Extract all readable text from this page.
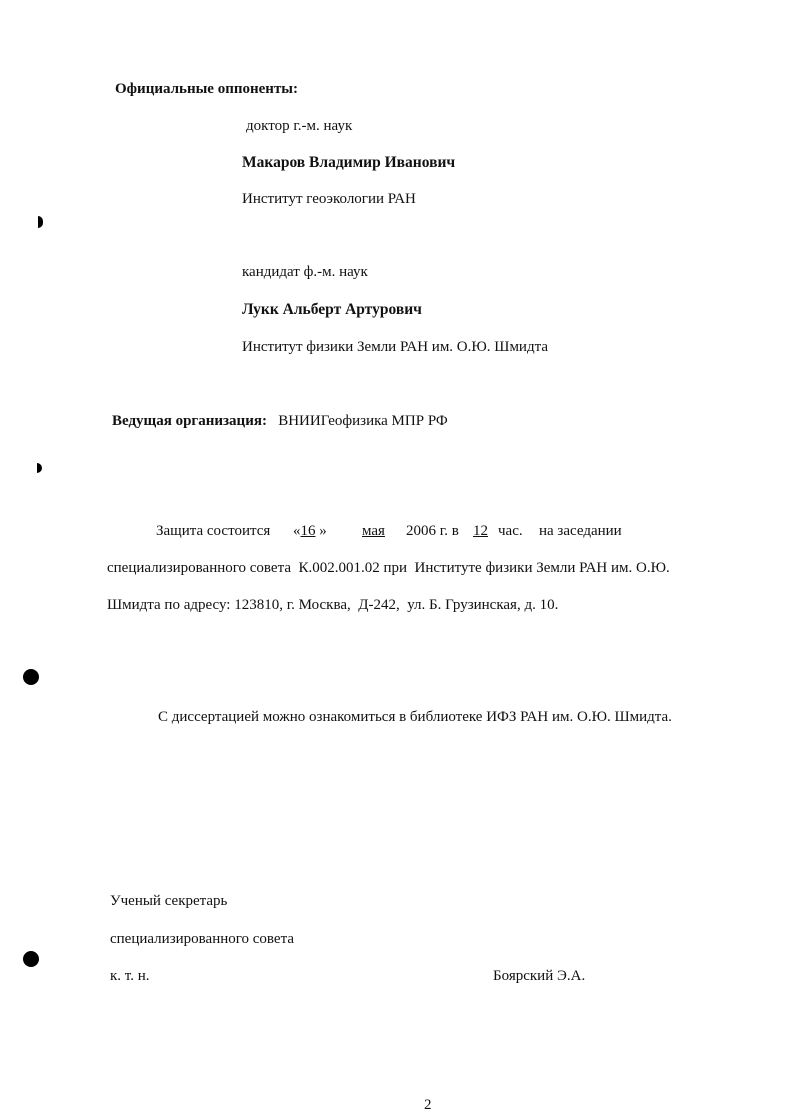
Официальные оппоненты:
доктор г.-м. наук
Макаров Владимир Иванович
Институт геоэкологии РАН
кандидат ф.-м. наук
Лукк Альберт Артурович
Институт физики Земли РАН им. О.Ю. Шмидта
Ведущая организация: ВНИИГеофизика МПР РФ
Защита состоится «16 » мая 2006 г. в 12 час. на заседании
специализированного совета  К.002.001.02 при  Институте физики Земли РАН им. О.Ю.
Шмидта по адресу: 123810, г. Москва,  Д-242,  ул. Б. Грузинская, д. 10.
С диссертацией можно ознакомиться в библиотеке ИФЗ РАН им. О.Ю. Шмидта.
Ученый секретарь
специализированного совета
к. т. н.	Боярский Э.А.
2
